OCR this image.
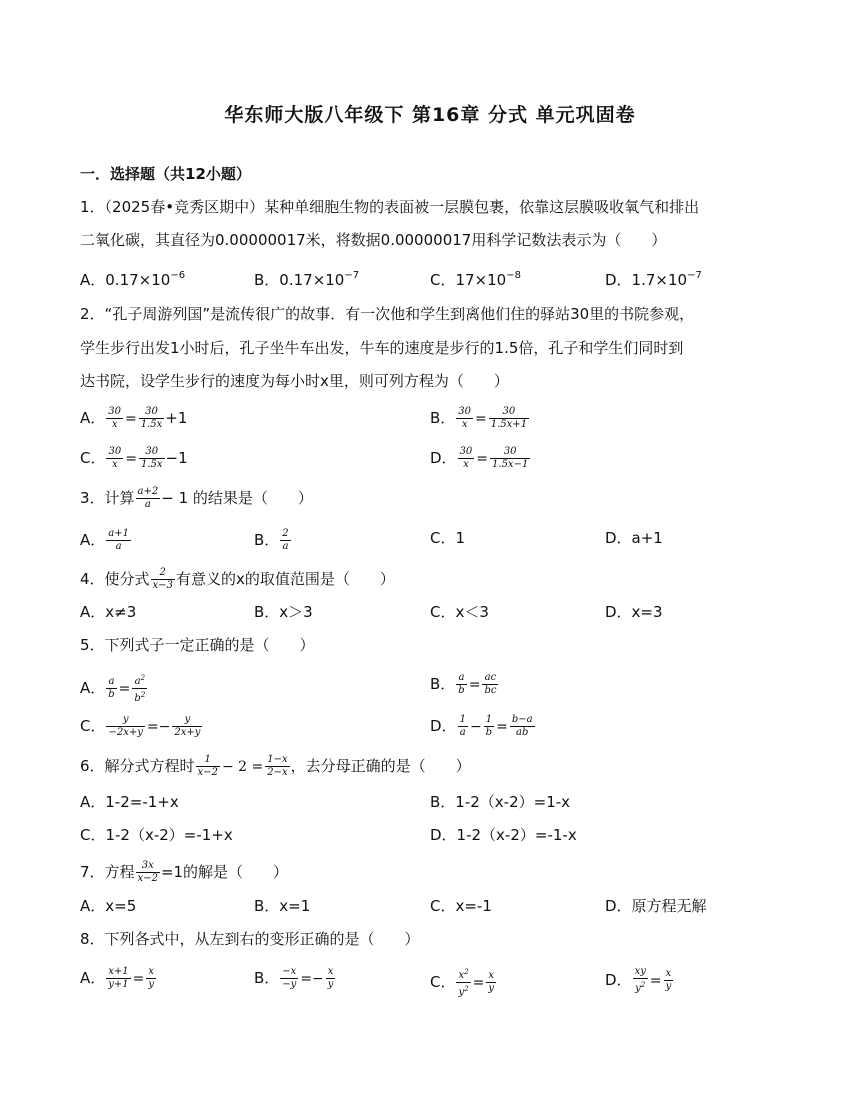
华东师大版八年级下 第16章 分式 单元巩固卷
一．选择题（共12小题）
1．（2025春•竞秀区期中）某种单细胞生物的表面被一层膜包裹，依靠这层膜吸收氧气和排出
二氧化碳，其直径为0.00000017米，将数据0.00000017用科学记数法表示为（　　）
A．$0.17\times 10^{-6}$	B．$0.17\times 10^{-7}$	C．$17\times 10^{-8}$	D．$1.7\times 10^{-7}$
2．“孔子周游列国”是流传很广的故事．有一次他和学生到离他们住的驿站30里的书院参观，
学生步行出发1小时后，孔子坐牛车出发，牛车的速度是步行的1.5倍，孔子和学生们同时到
达书院，设学生步行的速度为每小时x里，则可列方程为（　　）
A． $\frac{30}{x} = \frac{30}{1.5x} +1$	B． $\frac{30}{x} = \frac{30}{1.5x+1}$
C． $\frac{30}{x} = \frac{30}{1.5x} -1$	D． $\frac{30}{x} = \frac{30}{1.5x-1}$
3．计算 $\frac{a+2}{a} - 1$ 的结果是（　　）
A． $\frac{a+1}{a}$	B． $\frac{2}{a}$	C．1	D．a+1
4．使分式 $\frac{2}{x-3}$ 有意义的x的取值范围是（　　）
A．x≠3	B．x＞3	C．x＜3	D．x=3
5．下列式子一定正确的是（　　）
A． $\frac{a}{b} = \frac{a^2}{b^2}$	B． $\frac{a}{b} = \frac{ac}{bc}$
C． $\frac{y}{-2x+y} =- \frac{y}{2x+y}$	D． $\frac{1}{a} - \frac{1}{b} = \frac{b-a}{ab}$
6．解分式方程时 $\frac{1}{x-2} - 2 = \frac{1-x}{2-x}$ ，去分母正确的是（　　）
A．1-2=-1+x	B．1-2（x-2）=1-x
C．1-2（x-2）=-1+x	D．1-2（x-2）=-1-x
7．方程 $\frac{3x}{x-2} =1$的解是（　　）
A．x=5	B．x=1	C．x=-1	D．原方程无解
8．下列各式中，从左到右的变形正确的是（　　）
A． $\frac{x+1}{y+1} = \frac{x}{y}$	B． $\frac{-x}{-y} =- \frac{x}{y}$	C． $\frac{x^2}{y^2} = \frac{x}{y}$	D． $\frac{xy}{y^2} = \frac{x}{y}$
